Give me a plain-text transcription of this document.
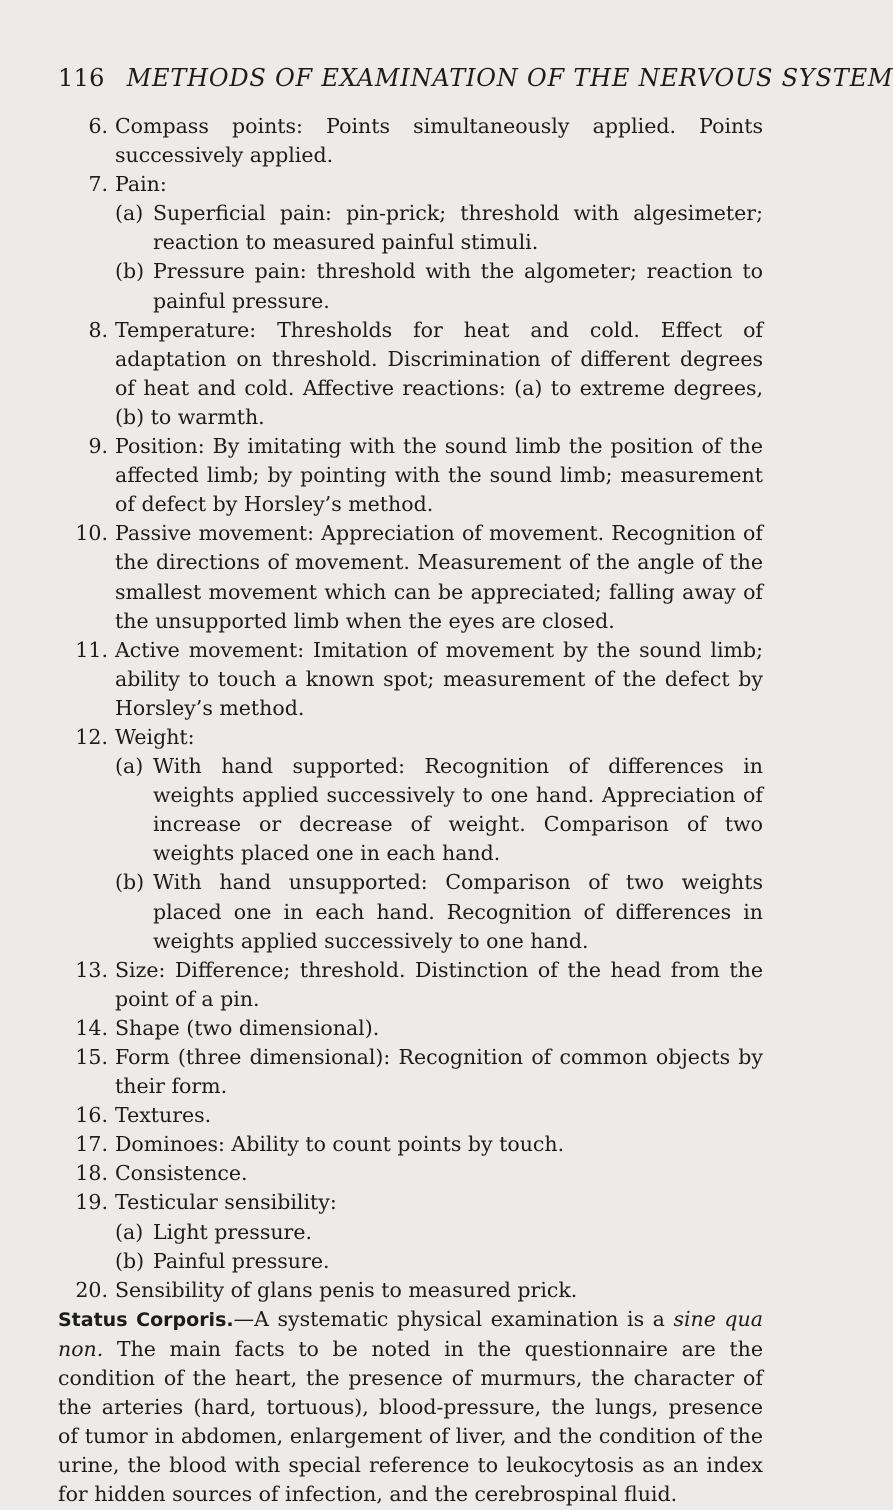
116 METHODS OF EXAMINATION OF THE NERVOUS SYSTEM
6. Compass points: Points simultaneously applied. Points successively applied.
7. Pain:
(a) Superficial pain: pin-prick; threshold with algesimeter; reaction to measured painful stimuli.
(b) Pressure pain: threshold with the algometer; reaction to painful pressure.
8. Temperature: Thresholds for heat and cold. Effect of adaptation on threshold. Discrimination of different degrees of heat and cold. Affective reactions: (a) to extreme degrees, (b) to warmth.
9. Position: By imitating with the sound limb the position of the affected limb; by pointing with the sound limb; measurement of defect by Horsley’s method.
10. Passive movement: Appreciation of movement. Recognition of the directions of movement. Measurement of the angle of the smallest movement which can be appreciated; falling away of the unsupported limb when the eyes are closed.
11. Active movement: Imitation of movement by the sound limb; ability to touch a known spot; measurement of the defect by Horsley’s method.
12. Weight:
(a) With hand supported: Recognition of differences in weights applied successively to one hand. Appreciation of increase or decrease of weight. Comparison of two weights placed one in each hand.
(b) With hand unsupported: Comparison of two weights placed one in each hand. Recognition of differences in weights applied successively to one hand.
13. Size: Difference; threshold. Distinction of the head from the point of a pin.
14. Shape (two dimensional).
15. Form (three dimensional): Recognition of common objects by their form.
16. Textures.
17. Dominoes: Ability to count points by touch.
18. Consistence.
19. Testicular sensibility:
(a) Light pressure.
(b) Painful pressure.
20. Sensibility of glans penis to measured prick.

Status Corporis.—A systematic physical examination is a sine qua non. The main facts to be noted in the questionnaire are the condition of the heart, the presence of murmurs, the character of the arteries (hard, tortuous), blood-pressure, the lungs, presence of tumor in abdomen, enlargement of liver, and the condition of the urine, the blood with special reference to leukocytosis as an index for hidden sources of infection, and the cerebrospinal fluid.
